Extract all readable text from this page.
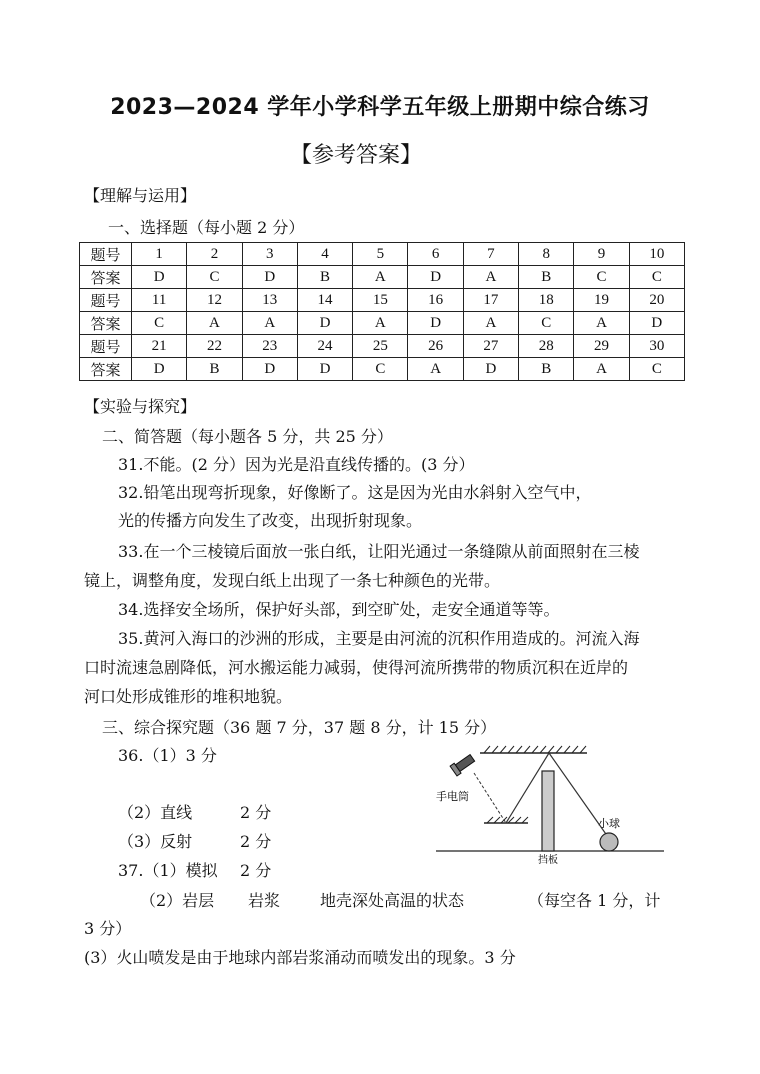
2023—2024 学年小学科学五年级上册期中综合练习
【参考答案】
【理解与运用】
一、选择题（每小题 2 分）
题号	1	2	3	4	5	6	7	8	9	10
答案	D	C	D	B	A	D	A	B	C	C
题号	11	12	13	14	15	16	17	18	19	20
答案	C	A	A	D	A	D	A	C	A	D
题号	21	22	23	24	25	26	27	28	29	30
答案	D	B	D	D	C	A	D	B	A	C
【实验与探究】
二、简答题（每小题各 5 分，共 25 分）
31.不能。(2 分）因为光是沿直线传播的。(3 分）
32.铅笔出现弯折现象，好像断了。这是因为光由水斜射入空气中，
光的传播方向发生了改变，出现折射现象。
33.在一个三棱镜后面放一张白纸，让阳光通过一条缝隙从前面照射在三棱
镜上，调整角度，发现白纸上出现了一条七种颜色的光带。
34.选择安全场所，保护好头部，到空旷处，走安全通道等等。
35.黄河入海口的沙洲的形成，主要是由河流的沉积作用造成的。河流入海
口时流速急剧降低，河水搬运能力减弱，使得河流所携带的物质沉积在近岸的
河口处形成锥形的堆积地貌。
三、综合探究题（36 题 7 分，37 题 8 分，计 15 分）
36.（1）3 分
（2）直线	2 分
（3）反射	2 分
37.（1）模拟 2 分
（2）岩层 岩浆 地壳深处高温的状态	（每空各 1 分，计
3 分）
(3）火山喷发是由于地球内部岩浆涌动而喷发出的现象。3 分
手电筒
小球
挡板
